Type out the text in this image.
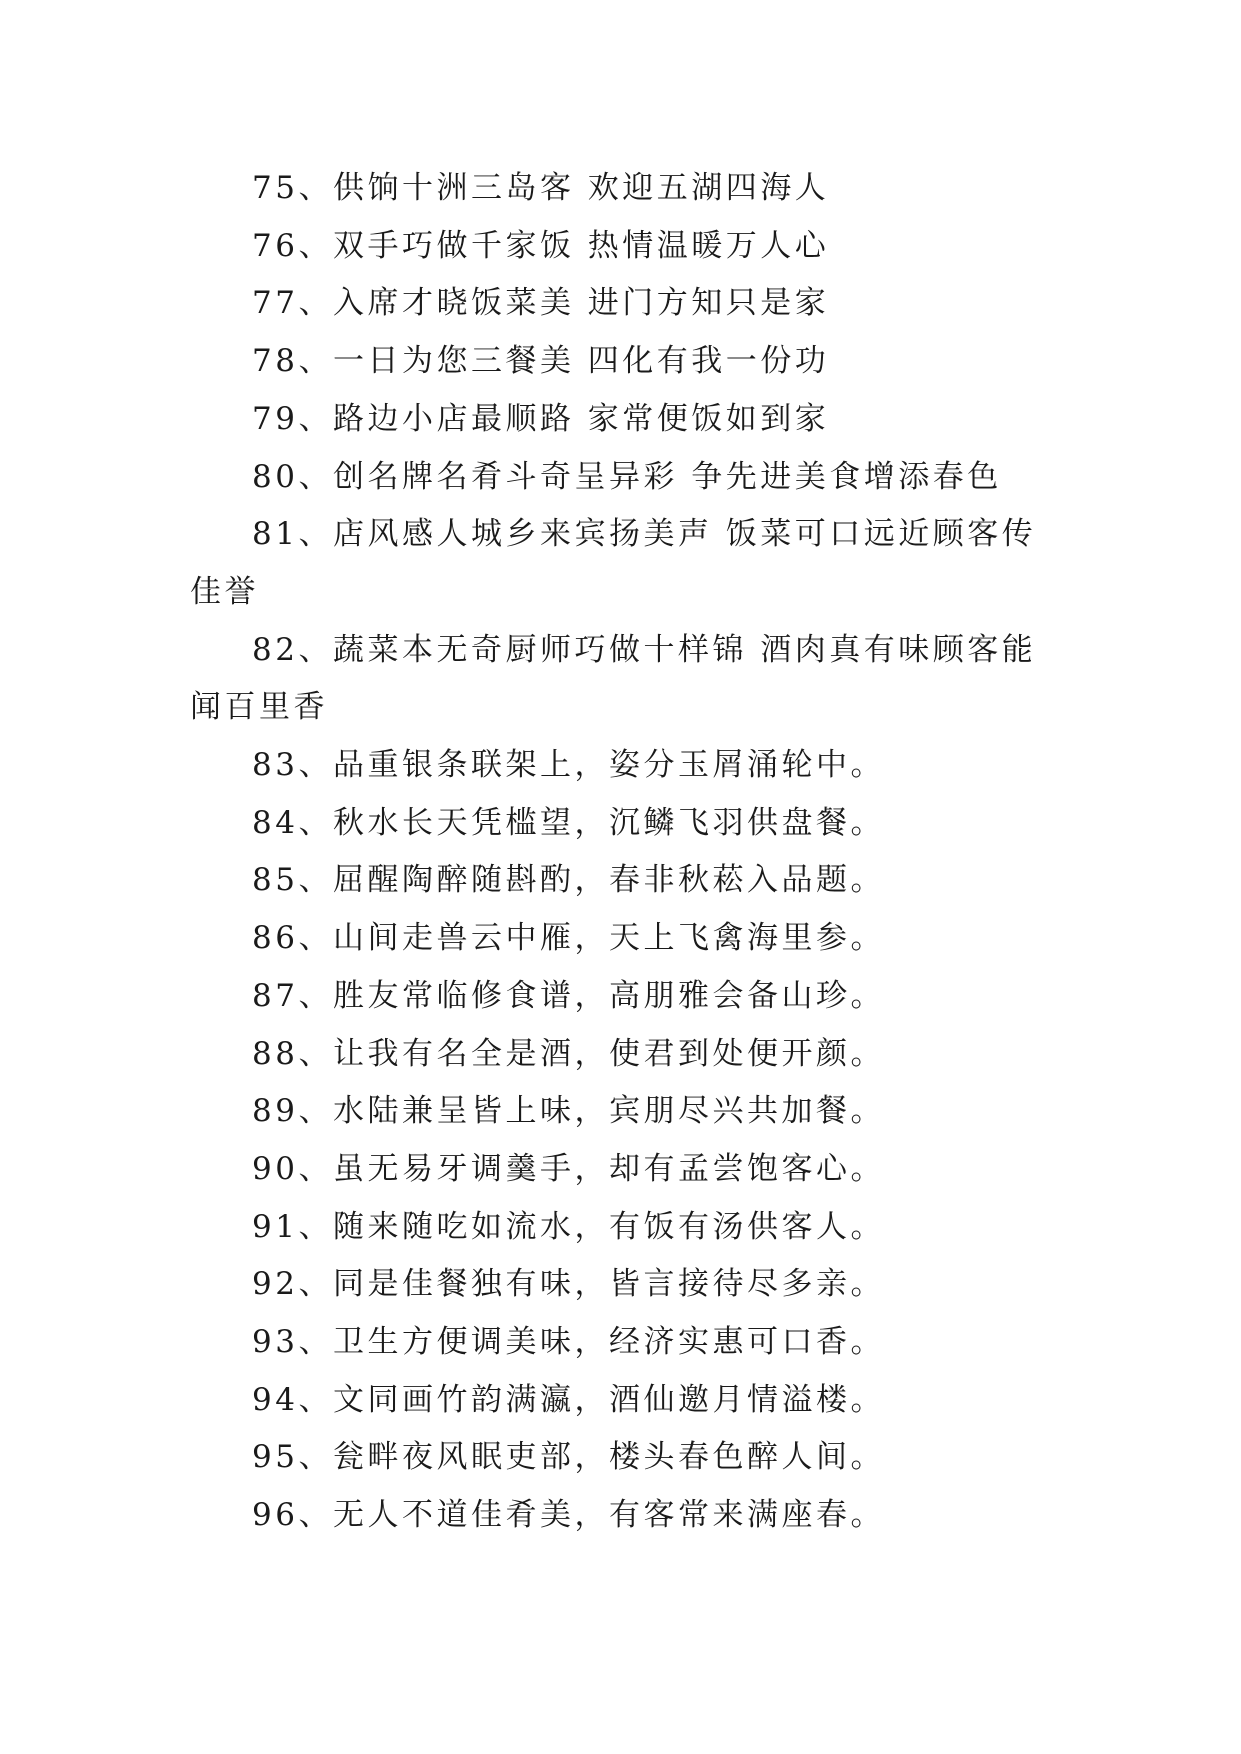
75、供饷十洲三岛客 欢迎五湖四海人

76、双手巧做千家饭 热情温暖万人心

77、入席才晓饭菜美 进门方知只是家

78、一日为您三餐美 四化有我一份功

79、路边小店最顺路 家常便饭如到家

80、创名牌名肴斗奇呈异彩 争先进美食增添春色

81、店风感人城乡来宾扬美声 饭菜可口远近顾客传佳誉

82、蔬菜本无奇厨师巧做十样锦 酒肉真有味顾客能闻百里香

83、品重银条联架上，姿分玉屑涌轮中。

84、秋水长天凭槛望，沉鳞飞羽供盘餐。

85、屈醒陶醉随斟酌，春非秋菘入品题。

86、山间走兽云中雁，天上飞禽海里参。

87、胜友常临修食谱，高朋雅会备山珍。

88、让我有名全是酒，使君到处便开颜。

89、水陆兼呈皆上味，宾朋尽兴共加餐。

90、虽无易牙调羹手，却有孟尝饱客心。

91、随来随吃如流水，有饭有汤供客人。

92、同是佳餐独有味，皆言接待尽多亲。

93、卫生方便调美味，经济实惠可口香。

94、文同画竹韵满瀛，酒仙邀月情溢楼。

95、瓮畔夜风眠吏部，楼头春色醉人间。

96、无人不道佳肴美，有客常来满座春。
